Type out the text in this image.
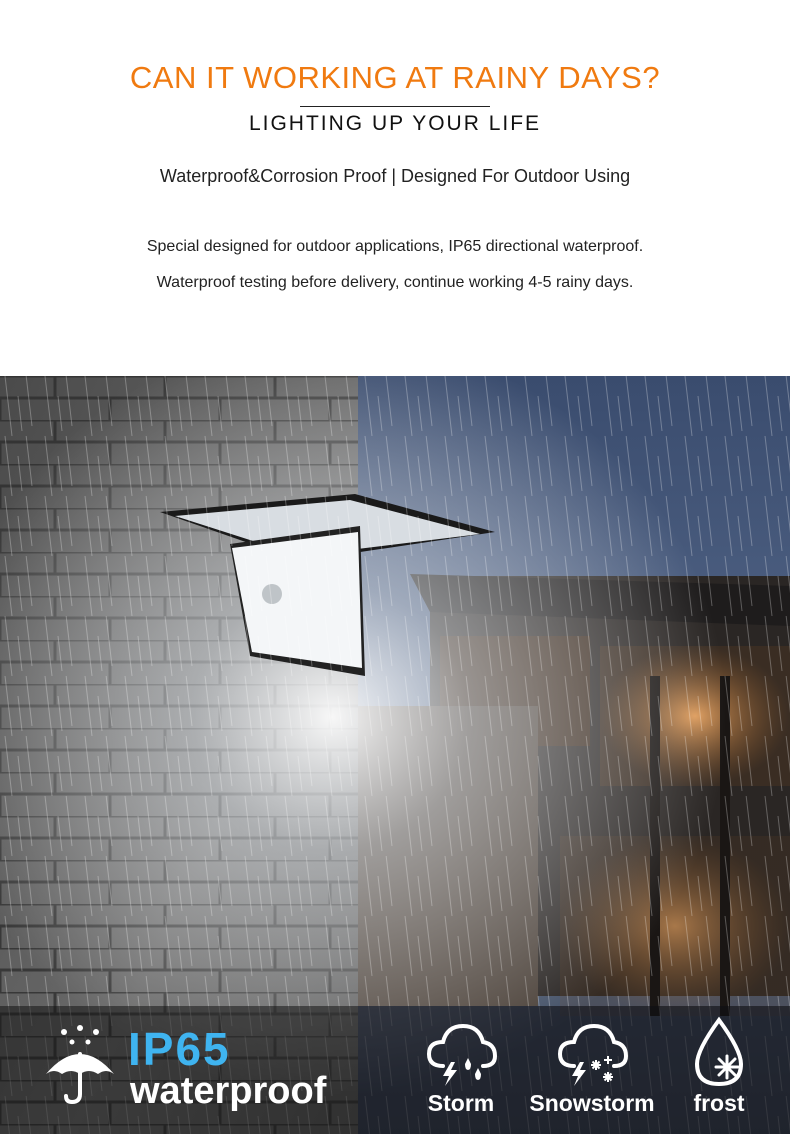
CAN IT WORKING AT RAINY DAYS?
LIGHTING UP YOUR LIFE
Waterproof&Corrosion Proof | Designed For Outdoor Using
Special designed for outdoor applications, IP65 directional waterproof.
Waterproof testing before delivery, continue working 4-5 rainy days.
IP65
waterproof	Storm	Snowstorm	frost
